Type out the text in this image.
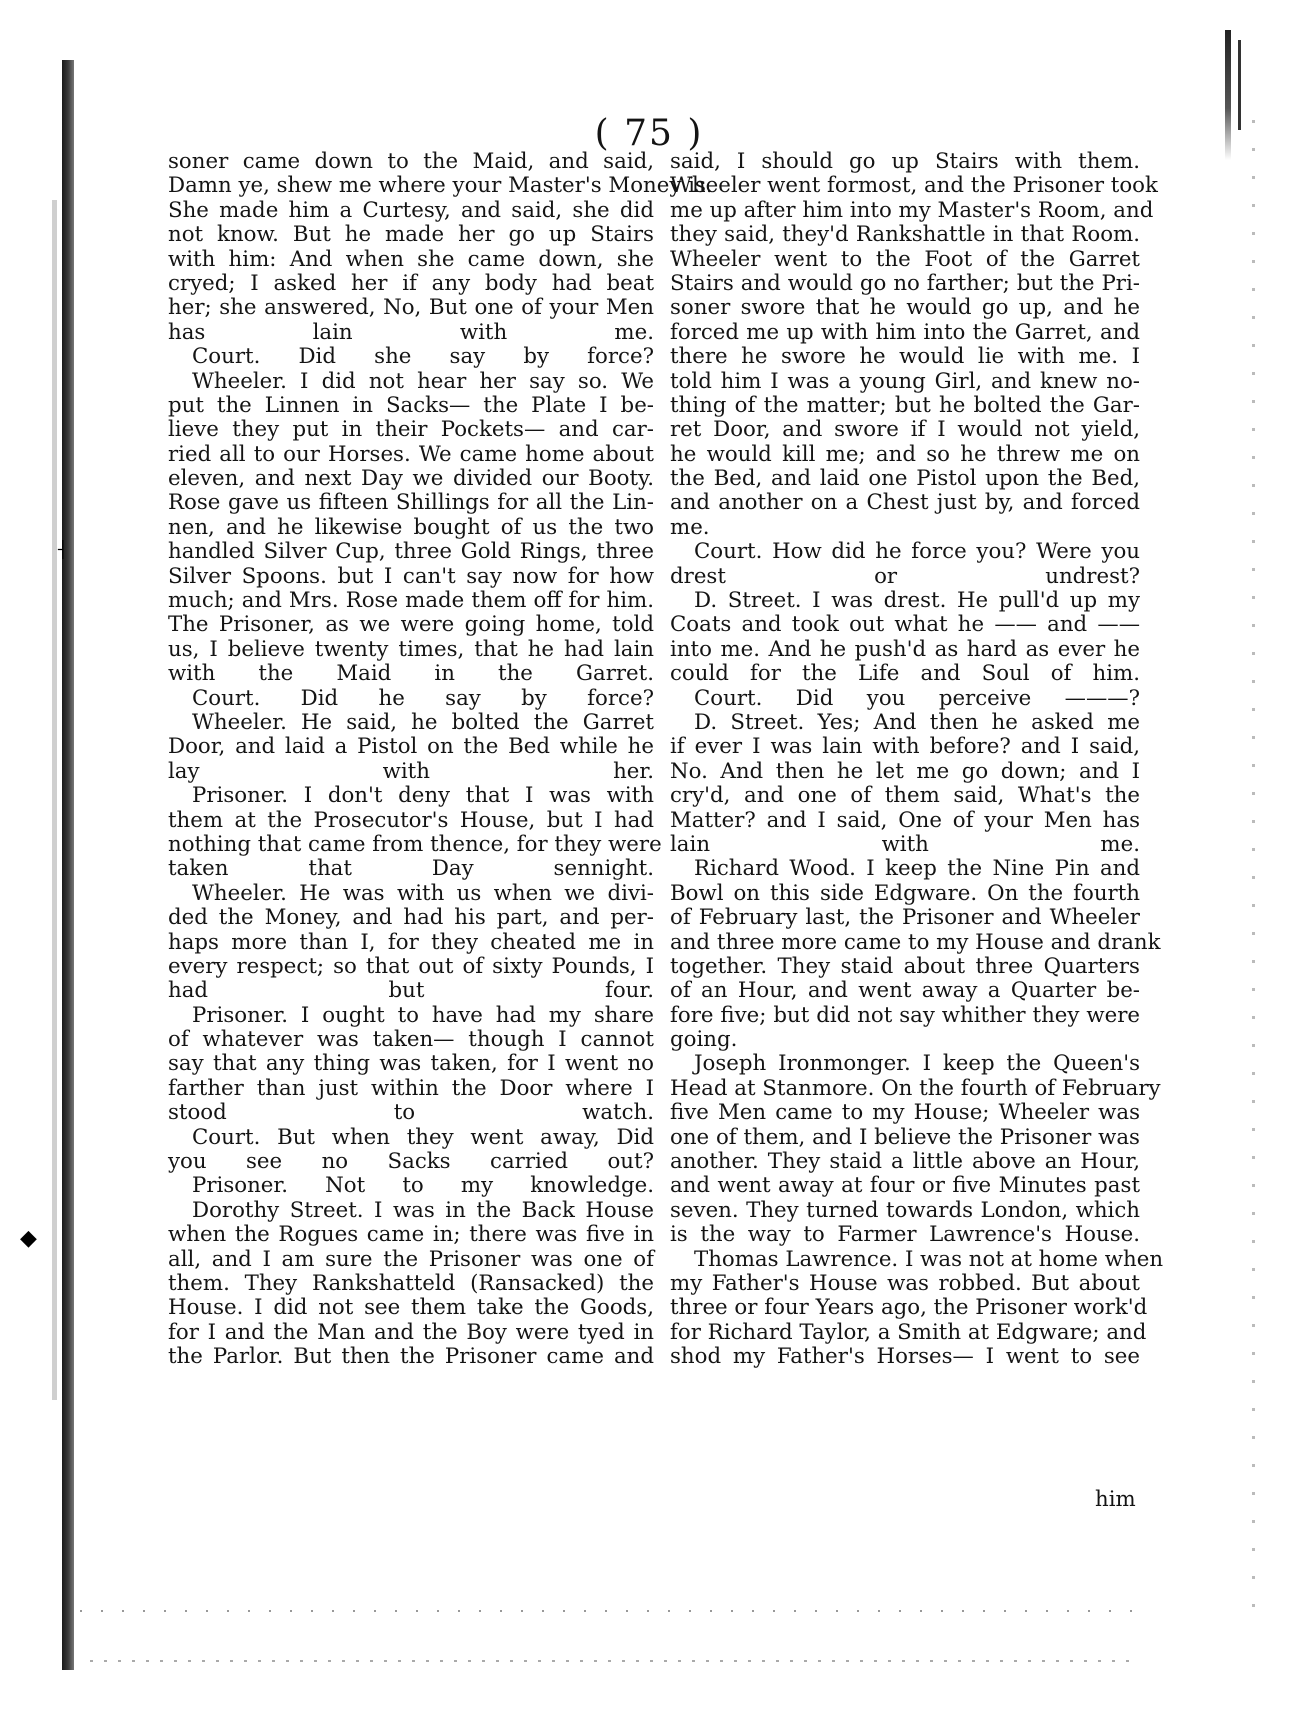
◆
┤
( 75 )
soner came down to the Maid, and said,
Damn ye, shew me where your Master's Money is.
She made him a Curtesy, and said, she did
not know. But he made her go up Stairs
with him: And when she came down, she
cryed; I asked her if any body had beat
her; she answered, No, But one of your Men
has lain with me.
Court. Did she say by force?
Wheeler. I did not hear her say so. We
put the Linnen in Sacks— the Plate I be-
lieve they put in their Pockets— and car-
ried all to our Horses. We came home about
eleven, and next Day we divided our Booty.
Rose gave us fifteen Shillings for all the Lin-
nen, and he likewise bought of us the two
handled Silver Cup, three Gold Rings, three
Silver Spoons. but I can't say now for how
much; and Mrs. Rose made them off for him.
The Prisoner, as we were going home, told
us, I believe twenty times, that he had lain
with the Maid in the Garret.
Court. Did he say by force?
Wheeler. He said, he bolted the Garret
Door, and laid a Pistol on the Bed while he
lay with her.
Prisoner. I don't deny that I was with
them at the Prosecutor's House, but I had
nothing that came from thence, for they were
taken that Day sennight.
Wheeler. He was with us when we divi-
ded the Money, and had his part, and per-
haps more than I, for they cheated me in
every respect; so that out of sixty Pounds, I
had but four.
Prisoner. I ought to have had my share
of whatever was taken— though I cannot
say that any thing was taken, for I went no
farther than just within the Door where I
stood to watch.
Court. But when they went away, Did
you see no Sacks carried out?
Prisoner. Not to my knowledge.
Dorothy Street. I was in the Back House
when the Rogues came in; there was five in
all, and I am sure the Prisoner was one of
them. They Rankshatteld (Ransacked) the
House. I did not see them take the Goods,
for I and the Man and the Boy were tyed in
the Parlor. But then the Prisoner came and
said, I should go up Stairs with them.
Wheeler went formost, and the Prisoner took
me up after him into my Master's Room, and
they said, they'd Rankshattle in that Room.
Wheeler went to the Foot of the Garret
Stairs and would go no farther; but the Pri-
soner swore that he would go up, and he
forced me up with him into the Garret, and
there he swore he would lie with me. I
told him I was a young Girl, and knew no-
thing of the matter; but he bolted the Gar-
ret Door, and swore if I would not yield,
he would kill me; and so he threw me on
the Bed, and laid one Pistol upon the Bed,
and another on a Chest just by, and forced
me.
Court. How did he force you? Were you
drest or undrest?
D. Street. I was drest. He pull'd up my
Coats and took out what he —— and ——
into me. And he push'd as hard as ever he
could for the Life and Soul of him.
Court. Did you perceive ———?
D. Street. Yes; And then he asked me
if ever I was lain with before? and I said,
No. And then he let me go down; and I
cry'd, and one of them said, What's the
Matter? and I said, One of your Men has
lain with me.
Richard Wood. I keep the Nine Pin and
Bowl on this side Edgware. On the fourth
of February last, the Prisoner and Wheeler
and three more came to my House and drank
together. They staid about three Quarters
of an Hour, and went away a Quarter be-
fore five; but did not say whither they were
going.
Joseph Ironmonger. I keep the Queen's
Head at Stanmore. On the fourth of February
five Men came to my House; Wheeler was
one of them, and I believe the Prisoner was
another. They staid a little above an Hour,
and went away at four or five Minutes past
seven. They turned towards London, which
is the way to Farmer Lawrence's House.
Thomas Lawrence. I was not at home when
my Father's House was robbed. But about
three or four Years ago, the Prisoner work'd
for Richard Taylor, a Smith at Edgware; and
shod my Father's Horses— I went to see
him
